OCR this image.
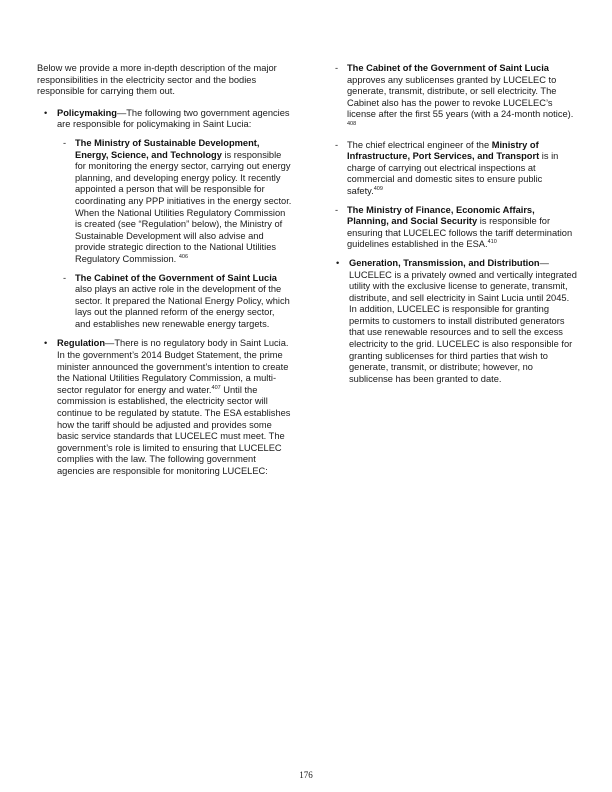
Below we provide a more in-depth description of the major responsibilities in the electricity sector and the bodies responsible for carrying them out.

• Policymaking—The following two government agencies are responsible for policymaking in Saint Lucia:
- The Ministry of Sustainable Development, Energy, Science, and Technology is responsible for monitoring the energy sector, carrying out energy planning, and developing energy policy. It recently appointed a person that will be responsible for coordinating any PPP initiatives in the energy sector. When the National Utilities Regulatory Commission is created (see “Regulation” below), the Ministry of Sustainable Development will also advise and provide strategic direction to the National Utilities Regulatory Commission. $^{406}$
- The Cabinet of the Government of Saint Lucia also plays an active role in the development of the sector. It prepared the National Energy Policy, which lays out the planned reform of the energy sector, and establishes new renewable energy targets.
• Regulation—There is no regulatory body in Saint Lucia. In the government’s 2014 Budget Statement, the prime minister announced the government’s intention to create the National Utilities Regulatory Commission, a multi-sector regulator for energy and water.$^{407}$ Until the commission is established, the electricity sector will continue to be regulated by statute. The ESA establishes how the tariff should be adjusted and provides some basic service standards that LUCELEC must meet. The government’s role is limited to ensuring that LUCELEC complies with the law. The following government agencies are responsible for monitoring LUCELEC:
- The Cabinet of the Government of Saint Lucia approves any sublicenses granted by LUCELEC to generate, transmit, distribute, or sell electricity. The Cabinet also has the power to revoke LUCELEC’s license after the first 55 years (with a 24-month notice). $^{408}$
- The chief electrical engineer of the Ministry of Infrastructure, Port Services, and Transport is in charge of carrying out electrical inspections at commercial and domestic sites to ensure public safety.$^{409}$
- The Ministry of Finance, Economic Affairs, Planning, and Social Security is responsible for ensuring that LUCELEC follows the tariff determination guidelines established in the ESA.$^{410}$
• Generation, Transmission, and Distribution—LUCELEC is a privately owned and vertically integrated utility with the exclusive license to generate, transmit, distribute, and sell electricity in Saint Lucia until 2045. In addition, LUCELEC is responsible for granting permits to customers to install distributed generators that use renewable resources and to sell the excess electricity to the grid. LUCELEC is also responsible for granting sublicenses for third parties that wish to generate, transmit, or distribute; however, no sublicense has been granted to date.
176
